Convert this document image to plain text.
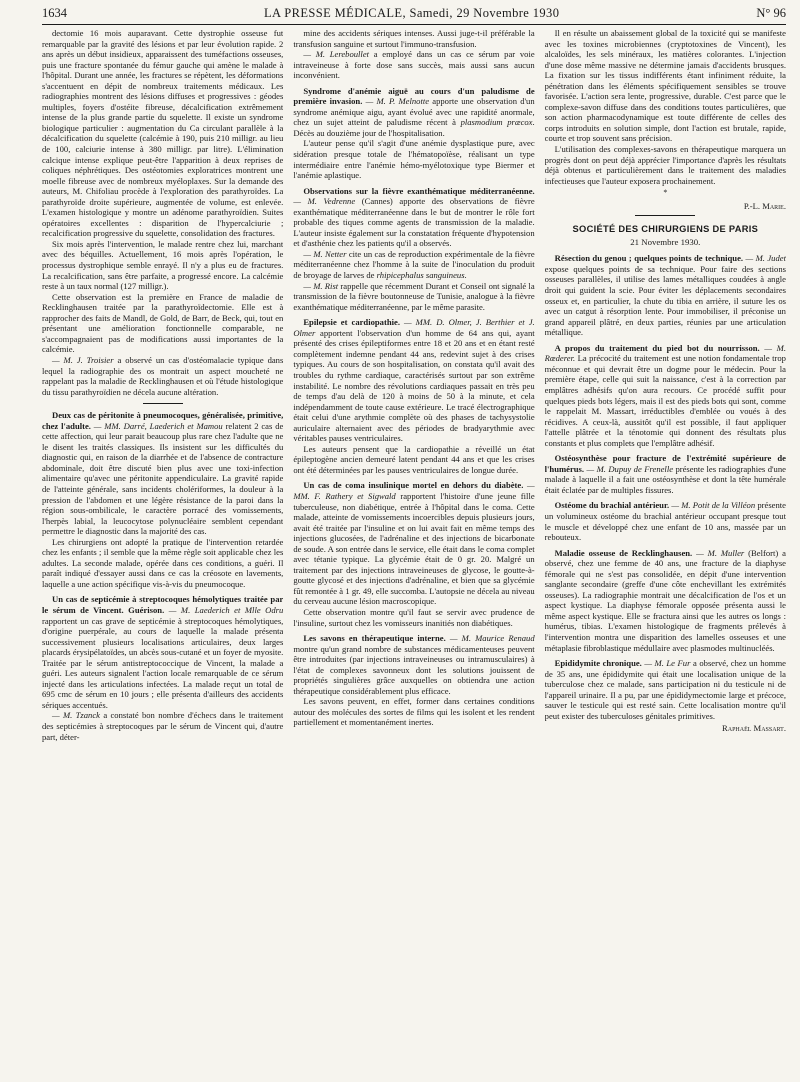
1634	LA PRESSE MÉDICALE, Samedi, 29 Novembre 1930	N° 96

dectomie 16 mois auparavant. Cette dystrophie osseuse fut remarquable par la gravité des lésions et par leur évolution rapide. 2 ans après un début insidieux, apparaissent des tuméfactions osseuses, puis une fracture spontanée du fémur gauche qui amène le malade à l'hôpital. Durant une année, les fractures se répètent, les déformations s'accentuent en dépit de nombreux traitements médicaux. Les radiographies montrent des lésions diffuses et progressives : géodes multiples, foyers d'ostéite fibreuse, décalcification extrêmement intense de la plus grande partie du squelette. Il existe un syndrome biologique particulier : augmentation du Ca circulant parallèle à la décalcification du squelette (calcémie à 190, puis 210 milligr. au lieu de 100, calciurie intense à 380 milligr. par litre). L'élimination calcique intense explique peut-être l'apparition à deux reprises de coliques néphrétiques. Des ostéotomies exploratrices montrent une moelle fibreuse avec de nombreux myéloplaxes. Sur la demande des auteurs, M. Chifoliau procède à l'exploration des parathyroïdes. La parathyroïde droite supérieure, augmentée de volume, est enlevée. L'examen histologique y montre un adénome parathyroïdien. Suites opératoires excellentes : disparition de l'hypercalciurie ; recalcification progressive du squelette, consolidation des fractures.

Six mois après l'intervention, le malade rentre chez lui, marchant avec des béquilles. Actuellement, 16 mois après l'opération, le processus dystrophique semble enrayé. Il n'y a plus eu de fractures. La recalcification, sans être parfaite, a progressé encore. La calcémie reste à un taux normal (127 milligr.).

Cette observation est la première en France de maladie de Recklinghausen traitée par la parathyroïdectomie. Elle est à rapprocher des faits de Mandl, de Gold, de Barr, de Beck, qui, tout en présentant une amélioration fonctionnelle comparable, ne s'accompagnaient pas de modifications aussi importantes de la calcémie.

— M. J. Troisier a observé un cas d'ostéomalacie typique dans lequel la radiographie des os montrait un aspect moucheté ne rappelant pas la maladie de Recklinghausen et où l'étude histologique du tissu parathyroïdien ne décela aucune altération.

Deux cas de péritonite à pneumocoques, généralisée, primitive, chez l'adulte. — MM. Darré, Laederich et Mamou relatent 2 cas de cette affection, qui leur parait beaucoup plus rare chez l'adulte que ne le disent les traités classiques. Ils insistent sur les difficultés du diagnostic qui, en raison de la diarrhée et de l'absence de contracture abdominale, doit être discuté bien plus avec une toxi-infection alimentaire qu'avec une péritonite appendiculaire. La gravité rapide de l'atteinte générale, sans incidents cholériformes, la douleur à la pression de l'abdomen et une légère résistance de la paroi dans la région sous-ombilicale, le caractère porracé des vomissements, l'herpès labial, la leucocytose polynucléaire semblent cependant permettre le diagnostic dans la majorité des cas.

Les chirurgiens ont adopté la pratique de l'intervention retardée chez les enfants ; il semble que la même règle soit applicable chez les adultes. La seconde malade, opérée dans ces conditions, a guéri. Il paraît indiqué d'essayer aussi dans ce cas la créosote en lavements, laquelle a une action spécifique vis-à-vis du pneumocoque.

Un cas de septicémie à streptocoques hémolytiques traitée par le sérum de Vincent. Guérison. — M. Laederich et Mlle Odru rapportent un cas grave de septicémie à streptocoques hémolytiques, d'origine puerpérale, au cours de laquelle la malade présenta successivement plusieurs localisations articulaires, deux larges placards érysipélatoïdes, un abcès sous-cutané et un foyer de myosite. Traitée par le sérum antistreptococcique de Vincent, la malade a guéri. Les auteurs signalent l'action locale remarquable de ce sérum injecté dans les articulations infectées. La malade reçut un total de 695 cmc de sérum en 10 jours ; elle présenta d'ailleurs des accidents sériques accentués.

— M. Tzanck a constaté bon nombre d'échecs dans le traitement des septicémies à streptocoques par le sérum de Vincent qui, d'autre part, déter-

mine des accidents sériques intenses. Aussi juge-t-il préférable la transfusion sanguine et surtout l'immuno-transfusion.

— M. Lereboullet a employé dans un cas ce sérum par voie intraveineuse à forte dose sans succès, mais aussi sans aucun inconvénient.

Syndrome d'anémie aiguë au cours d'un paludisme de première invasion. — M. P. Melnotte apporte une observation d'un syndrome anémique aigu, ayant évolué avec une rapidité anormale, chez un sujet atteint de paludisme récent à plasmodium præcox. Décès au douzième jour de l'hospitalisation.

L'auteur pense qu'il s'agit d'une anémie dysplastique pure, avec sidération presque totale de l'hématopoïèse, réalisant un type intermédiaire entre l'anémie hémo-myélotoxique type Biermer et l'anémie aplastique.

Observations sur la fièvre exanthématique méditerranéenne. — M. Vedrenne (Cannes) apporte des observations de fièvre exanthématique méditerranéenne dans le but de montrer le rôle fort probable des tiques comme agents de transmission de la maladie. L'auteur insiste également sur la constatation fréquente d'hypotension et d'asthénie chez les patients qu'il a observés.

— M. Netter cite un cas de reproduction expérimentale de la fièvre méditerranéenne chez l'homme à la suite de l'inoculation du produit de broyage de larves de rhipicephalus sanguineus.

— M. Rist rappelle que récemment Durant et Conseil ont signalé la transmission de la fièvre boutonneuse de Tunisie, analogue à la fièvre exanthématique méditerranéenne, par le même parasite.

Epilepsie et cardiopathie. — MM. D. Olmer, J. Berthier et J. Olmer apportent l'observation d'un homme de 64 ans qui, ayant présenté des crises épileptiformes entre 18 et 20 ans et en étant resté complètement indemne pendant 44 ans, redevint sujet à des crises typiques. Au cours de son hospitalisation, on constata qu'il avait des troubles du rythme cardiaque, caractérisés surtout par son extrême instabilité. Le nombre des révolutions cardiaques passait en très peu de temps d'au delà de 120 à moins de 50 à la minute, et cela indépendamment de toute cause extérieure. Le tracé électrographique était celui d'une arythmie complète où des phases de tachysystolie auriculaire alternaient avec des périodes de bradyarythmie avec véritables pauses ventriculaires.

Les auteurs pensent que la cardiopathie a réveillé un état épileptogène ancien demeuré latent pendant 44 ans et que les crises ont été déterminées par les pauses ventriculaires de longue durée.

Un cas de coma insulinique mortel en dehors du diabète. — MM. F. Rathery et Sigwald rapportent l'histoire d'une jeune fille tuberculeuse, non diabétique, entrée à l'hôpital dans le coma. Cette malade, atteinte de vomissements incoercibles depuis plusieurs jours, avait été traitée par l'insuline et on lui avait fait en même temps des injections glucosées, de l'adrénaline et des injections de bicarbonate de soude. A son entrée dans le service, elle était dans le coma complet avec tétanie typique. La glycémie était de 0 gr. 20. Malgré un traitement par des injections intraveineuses de glycose, le goutte-à-goutte glycosé et des injections d'adrénaline, et bien que sa glycémie fût remontée à 1 gr. 49, elle succomba. L'autopsie ne décela au niveau du cerveau aucune lésion macroscopique.

Cette observation montre qu'il faut se servir avec prudence de l'insuline, surtout chez les vomisseurs inanitiés non diabétiques.

Les savons en thérapeutique interne. — M. Maurice Renaud montre qu'un grand nombre de substances médicamenteuses peuvent être introduites (par injections intraveineuses ou intramusculaires) à l'état de complexes savonneux dont les solutions jouissent de propriétés singulières grâce auxquelles on obtiendra une action thérapeutique considérablement plus efficace.

Les savons peuvent, en effet, former dans certaines conditions autour des molécules des sortes de films qui les isolent et les rendent partiellement et momentanément inertes.

Il en résulte un abaissement global de la toxicité qui se manifeste avec les toxines microbiennes (cryptotoxines de Vincent), les alcaloïdes, les sels minéraux, les matières colorantes. L'injection d'une dose même massive ne détermine jamais d'accidents brusques. La fixation sur les tissus indifférents étant infiniment réduite, la pénétration dans les éléments spécifiquement sensibles se trouve favorisée. L'action sera lente, progressive, durable. C'est parce que le complexe-savon diffuse dans des conditions toutes particulières, que son action pharmacodynamique est toute différente de celles des corps introduits en solution simple, dont l'action est brutale, rapide, courte et trop souvent sans précision.

L'utilisation des complexes-savons en thérapeutique marquera un progrès dont on peut déjà apprécier l'importance d'après les résultats déjà obtenus et particulièrement dans le traitement des maladies infectieuses que l'auteur exposera prochainement.

*

P.-L. Marie.

SOCIÉTÉ DES CHIRURGIENS DE PARIS
21 Novembre 1930.

Résection du genou ; quelques points de technique. — M. Judet expose quelques points de sa technique. Pour faire des sections osseuses parallèles, il utilise des lames métalliques coudées à angle droit qui guident la scie. Pour éviter les déplacements secondaires osseux et, en particulier, la chute du tibia en arrière, il suture les os avec un catgut à résorption lente. Pour immobiliser, il préconise un grand appareil plâtré, en deux parties, réunies par une articulation métallique.

A propos du traitement du pied bot du nourrisson. — M. Rœderer. La précocité du traitement est une notion fondamentale trop méconnue et qui devrait être un dogme pour le médecin. Pour la première étape, celle qui suit la naissance, c'est à la correction par emplâtres adhésifs qu'on aura recours. Ce procédé suffit pour quelques pieds bots légers, mais il est des pieds bots qui sont, comme le rappelait M. Massart, irréductibles d'emblée ou voués à des récidives. A ceux-là, aussitôt qu'il est possible, il faut appliquer l'attelle plâtrée et la ténotomie qui donnent des résultats plus constants et plus complets que l'emplâtre adhésif.

Ostéosynthèse pour fracture de l'extrémité supérieure de l'humérus. — M. Dupuy de Frenelle présente les radiographies d'une malade à laquelle il a fait une ostéosynthèse et dont la tête humérale était éclatée par de multiples fissures.

Ostéome du brachial antérieur. — M. Potit de la Villéon présente un volumineux ostéome du brachial antérieur occupant presque tout le muscle et développé chez une enfant de 10 ans, massée par un rebouteux.

Maladie osseuse de Recklinghausen. — M. Muller (Belfort) a observé, chez une femme de 40 ans, une fracture de la diaphyse fémorale qui ne s'est pas consolidée, en dépit d'une intervention sanglante secondaire (greffe d'une côte enchevillant les extrémités osseuses). La radiographie montrait une décalcification de l'os et un aspect kystique. La diaphyse fémorale opposée présenta aussi le même aspect kystique. Elle se fractura ainsi que les autres os longs : humérus, tibias. L'examen histologique de fragments prélevés à l'intervention montra une disparition des lamelles osseuses et une métaplasie fibroblastique médullaire avec plasmodes multinucléés.

Epididymite chronique. — M. Le Fur a observé, chez un homme de 35 ans, une épididymite qui était une localisation unique de la tuberculose chez ce malade, sans participation ni du testicule ni de l'appareil urinaire. Il a pu, par une épididymectomie large et précoce, sauver le testicule qui est resté sain. Cette localisation montre qu'il peut exister des tuberculoses génitales primitives.

Raphaël Massart.
